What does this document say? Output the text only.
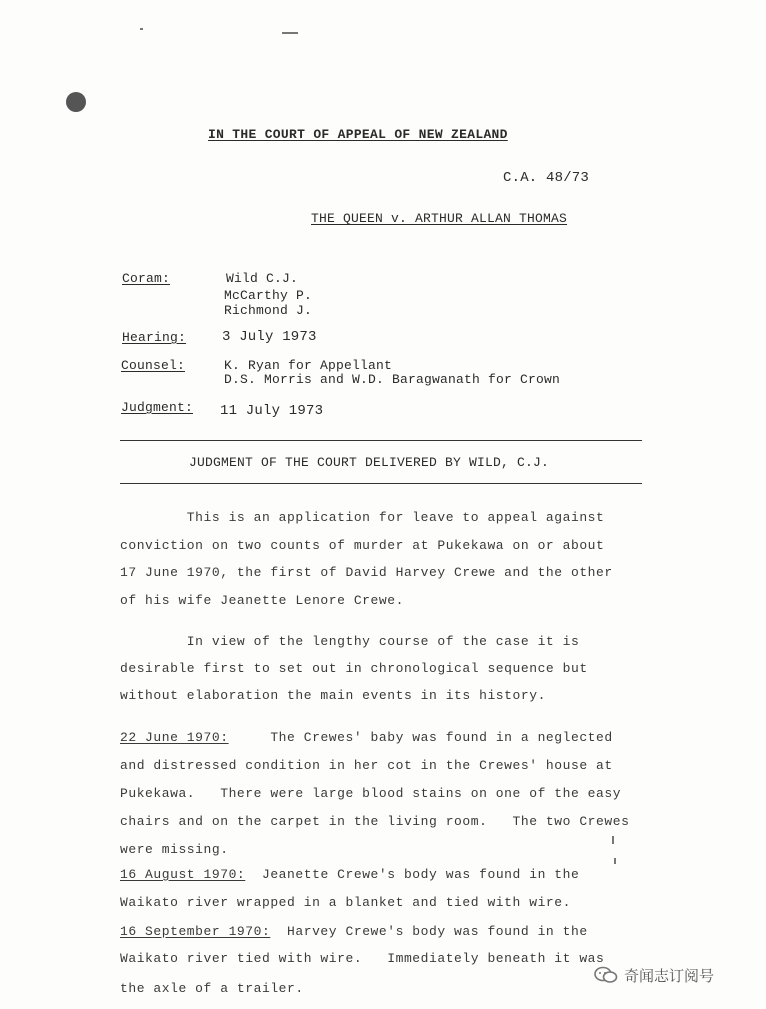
IN THE COURT OF APPEAL OF NEW ZEALAND
C.A. 48/73
THE QUEEN v. ARTHUR ALLAN THOMAS
Coram:	Wild C.J.
McCarthy P.
Richmond J.
Hearing:	3 July 1973
Counsel:	K. Ryan for Appellant
D.S. Morris and W.D. Baragwanath for Crown
Judgment: 11 July 1973
JUDGMENT OF THE COURT DELIVERED BY WILD, C.J.
This is an application for leave to appeal against
conviction on two counts of murder at Pukekawa on or about
17 June 1970, the first of David Harvey Crewe and the other
of his wife Jeanette Lenore Crewe.
In view of the lengthy course of the case it is
desirable first to set out in chronological sequence but
without elaboration the main events in its history.
22 June 1970:     The Crewes' baby was found in a neglected
and distressed condition in her cot in the Crewes' house at
Pukekawa.   There were large blood stains on one of the easy
chairs and on the carpet in the living room.   The two Crewes
were missing.
16 August 1970:  Jeanette Crewe's body was found in the
Waikato river wrapped in a blanket and tied with wire.
16 September 1970:  Harvey Crewe's body was found in the
Waikato river tied with wire.   Immediately beneath it was
the axle of a trailer.
奇闻志订阅号
